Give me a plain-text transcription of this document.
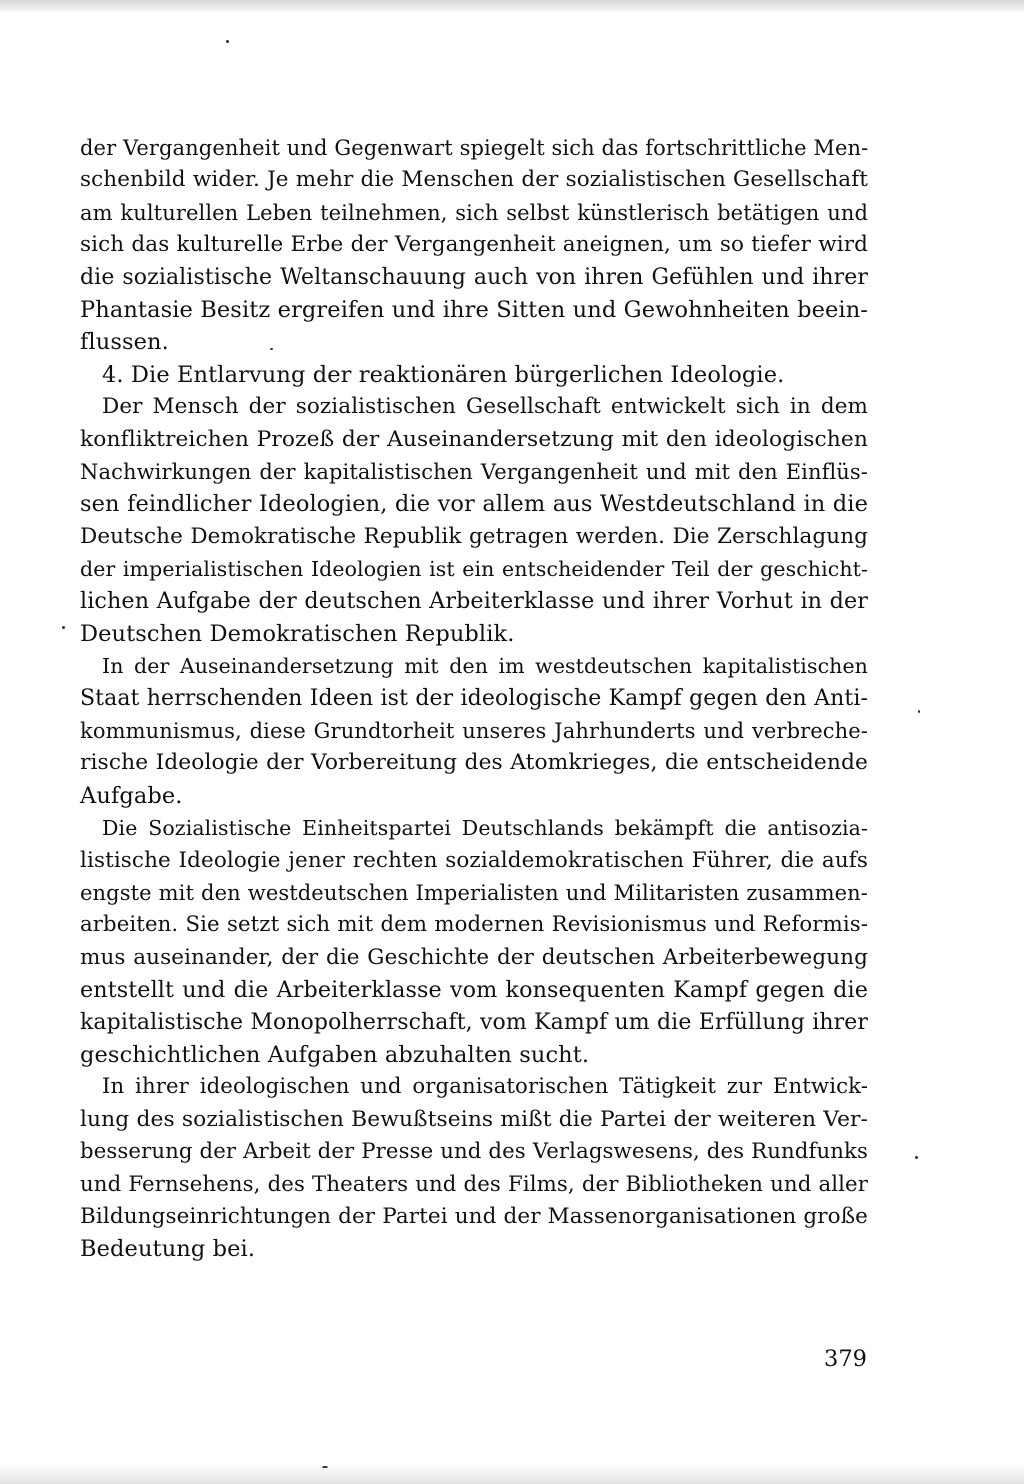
der Vergangenheit und Gegenwart spiegelt sich das fortschrittliche Men-
schenbild wider. Je mehr die Menschen der sozialistischen Gesellschaft
am kulturellen Leben teilnehmen, sich selbst künstlerisch betätigen und
sich das kulturelle Erbe der Vergangenheit aneignen, um so tiefer wird
die sozialistische Weltanschauung auch von ihren Gefühlen und ihrer
Phantasie Besitz ergreifen und ihre Sitten und Gewohnheiten beein-
flussen.
4. Die Entlarvung der reaktionären bürgerlichen Ideologie.
Der Mensch der sozialistischen Gesellschaft entwickelt sich in dem
konfliktreichen Prozeß der Auseinandersetzung mit den ideologischen
Nachwirkungen der kapitalistischen Vergangenheit und mit den Einflüs-
sen feindlicher Ideologien, die vor allem aus Westdeutschland in die
Deutsche Demokratische Republik getragen werden. Die Zerschlagung
der imperialistischen Ideologien ist ein entscheidender Teil der geschicht-
lichen Aufgabe der deutschen Arbeiterklasse und ihrer Vorhut in der
Deutschen Demokratischen Republik.
In der Auseinandersetzung mit den im westdeutschen kapitalistischen
Staat herrschenden Ideen ist der ideologische Kampf gegen den Anti-
kommunismus, diese Grundtorheit unseres Jahrhunderts und verbreche-
rische Ideologie der Vorbereitung des Atomkrieges, die entscheidende
Aufgabe.
Die Sozialistische Einheitspartei Deutschlands bekämpft die antisozia-
listische Ideologie jener rechten sozialdemokratischen Führer, die aufs
engste mit den westdeutschen Imperialisten und Militaristen zusammen-
arbeiten. Sie setzt sich mit dem modernen Revisionismus und Reformis-
mus auseinander, der die Geschichte der deutschen Arbeiterbewegung
entstellt und die Arbeiterklasse vom konsequenten Kampf gegen die
kapitalistische Monopolherrschaft, vom Kampf um die Erfüllung ihrer
geschichtlichen Aufgaben abzuhalten sucht.
In ihrer ideologischen und organisatorischen Tätigkeit zur Entwick-
lung des sozialistischen Bewußtseins mißt die Partei der weiteren Ver-
besserung der Arbeit der Presse und des Verlagswesens, des Rundfunks
und Fernsehens, des Theaters und des Films, der Bibliotheken und aller
Bildungseinrichtungen der Partei und der Massenorganisationen große
Bedeutung bei.
379
